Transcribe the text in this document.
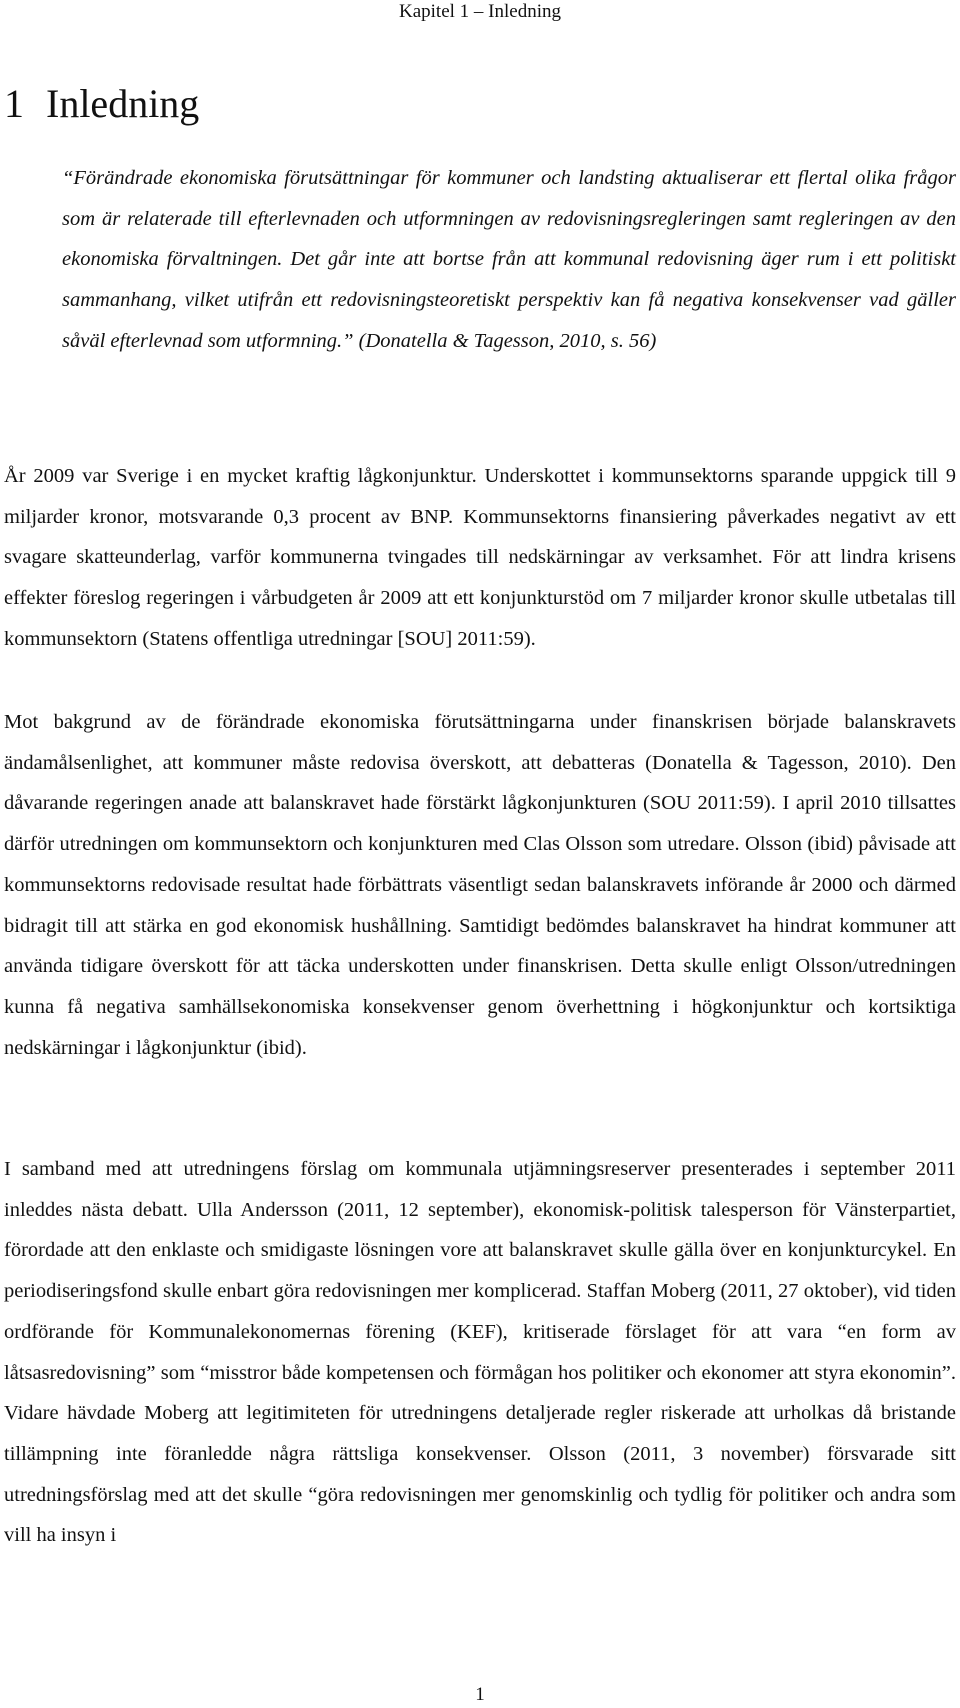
Kapitel 1 – Inledning
1 Inledning

“Förändrade ekonomiska förutsättningar för kommuner och landsting aktualiserar ett flertal olika frågor som är relaterade till efterlevnaden och utformningen av redovisningsregleringen samt regleringen av den ekonomiska förvaltningen. Det går inte att bortse från att kommunal redovisning äger rum i ett politiskt sammanhang, vilket utifrån ett redovisningsteoretiskt perspektiv kan få negativa konsekvenser vad gäller såväl efterlevnad som utformning.” (Donatella & Tagesson, 2010, s. 56)

År 2009 var Sverige i en mycket kraftig lågkonjunktur. Underskottet i kommunsektorns sparande uppgick till 9 miljarder kronor, motsvarande 0,3 procent av BNP. Kommunsektorns finansiering påverkades negativt av ett svagare skatteunderlag, varför kommunerna tvingades till nedskärningar av verksamhet. För att lindra krisens effekter föreslog regeringen i vårbudgeten år 2009 att ett konjunkturstöd om 7 miljarder kronor skulle utbetalas till kommunsektorn (Statens offentliga utredningar [SOU] 2011:59).

Mot bakgrund av de förändrade ekonomiska förutsättningarna under finanskrisen började balanskravets ändamålsenlighet, att kommuner måste redovisa överskott, att debatteras (Donatella & Tagesson, 2010). Den dåvarande regeringen anade att balanskravet hade förstärkt lågkonjunkturen (SOU 2011:59). I april 2010 tillsattes därför utredningen om kommunsektorn och konjunkturen med Clas Olsson som utredare. Olsson (ibid) påvisade att kommunsektorns redovisade resultat hade förbättrats väsentligt sedan balanskravets införande år 2000 och därmed bidragit till att stärka en god ekonomisk hushållning. Samtidigt bedömdes balanskravet ha hindrat kommuner att använda tidigare överskott för att täcka underskotten under finanskrisen. Detta skulle enligt Olsson/utredningen kunna få negativa samhällsekonomiska konsekvenser genom överhettning i högkonjunktur och kortsiktiga nedskärningar i lågkonjunktur (ibid).

I samband med att utredningens förslag om kommunala utjämningsreserver presenterades i september 2011 inleddes nästa debatt. Ulla Andersson (2011, 12 september), ekonomisk-politisk talesperson för Vänsterpartiet, förordade att den enklaste och smidigaste lösningen vore att balanskravet skulle gälla över en konjunkturcykel. En periodiseringsfond skulle enbart göra redovisningen mer komplicerad. Staffan Moberg (2011, 27 oktober), vid tiden ordförande för Kommunalekonomernas förening (KEF), kritiserade förslaget för att vara “en form av låtsasredovisning” som “misstror både kompetensen och förmågan hos politiker och ekonomer att styra ekonomin”. Vidare hävdade Moberg att legitimiteten för utredningens detaljerade regler riskerade att urholkas då bristande tillämpning inte föranledde några rättsliga konsekvenser. Olsson (2011, 3 november) försvarade sitt utredningsförslag med att det skulle “göra redovisningen mer genomskinlig och tydlig för politiker och andra som vill ha insyn i

1
